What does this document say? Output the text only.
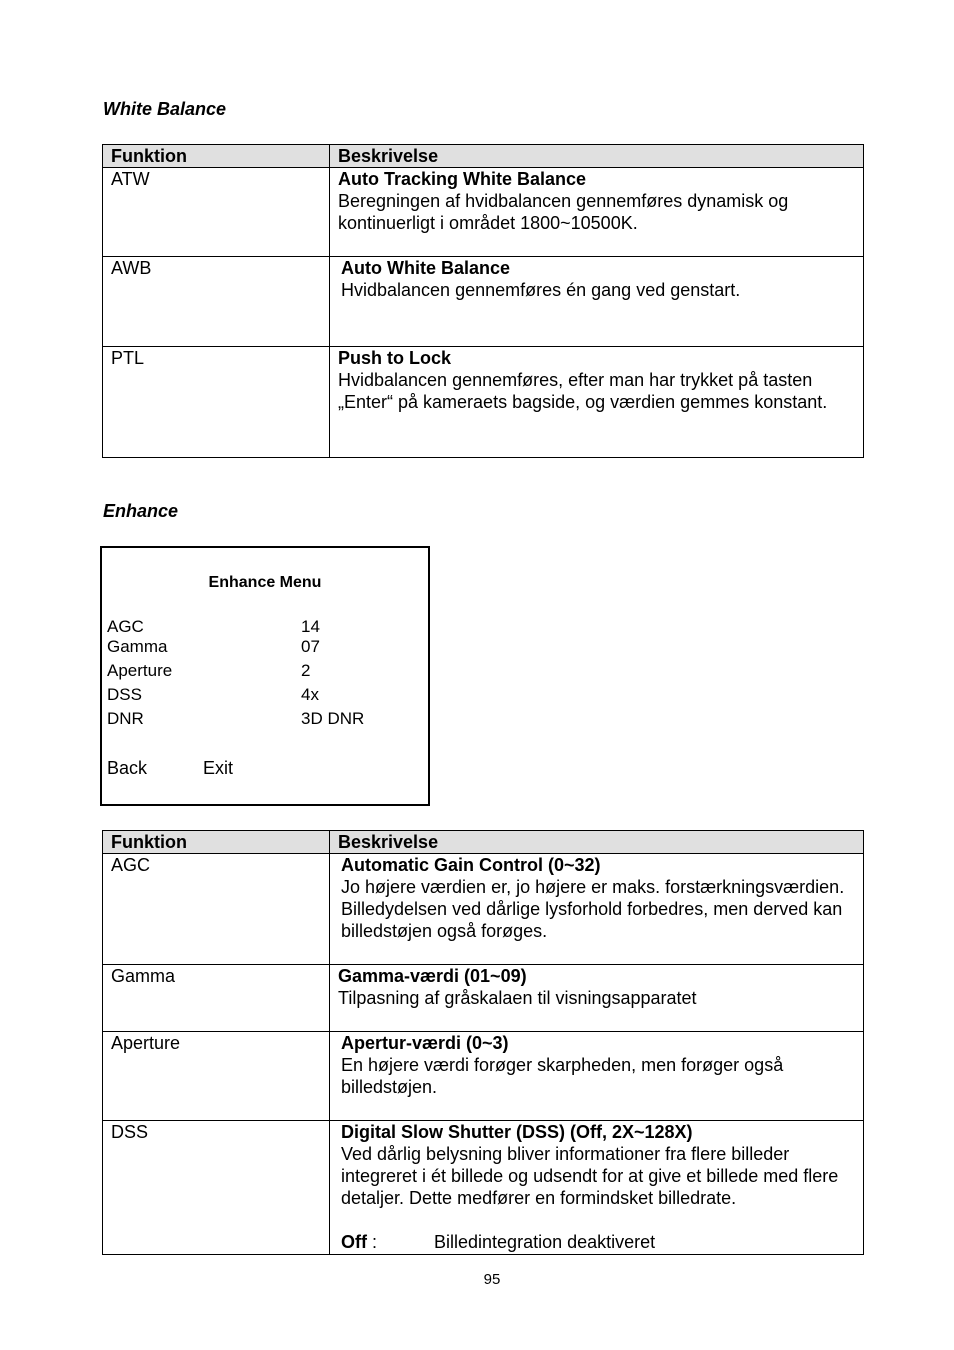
White Balance
Funktion	Beskrivelse
ATW	Auto Tracking White Balance
Beregningen af hvidbalancen gennemføres dynamisk og kontinuerligt i området 1800~10500K.

AWB	Auto White Balance
Hvidbalancen gennemføres én gang ved genstart.

PTL	Push to Lock
Hvidbalancen gennemføres, efter man har trykket på tasten „Enter“ på kameraets bagside, og værdien gemmes konstant.
Enhance
Enhance Menu
AGC	14
Gamma	07
Aperture	2
DSS	4x
DNR	3D DNR
Back	Exit
Funktion	Beskrivelse
AGC	Automatic Gain Control (0~32)
Jo højere værdien er, jo højere er maks. forstærkningsværdien. Billedydelsen ved dårlige lysforhold forbedres, men derved kan billedstøjen også forøges.

Gamma	Gamma-værdi (01~09)
Tilpasning af gråskalaen til visningsapparatet

Aperture	Apertur-værdi (0~3)
En højere værdi forøger skarpheden, men forøger også billedstøjen.

DSS	Digital Slow Shutter (DSS) (Off, 2X~128X)
Ved dårlig belysning bliver informationer fra flere billeder integreret i ét billede og udsendt for at give et billede med flere detaljer. Dette medfører en formindsket billedrate.
Off : Billedintegration deaktiveret
95
